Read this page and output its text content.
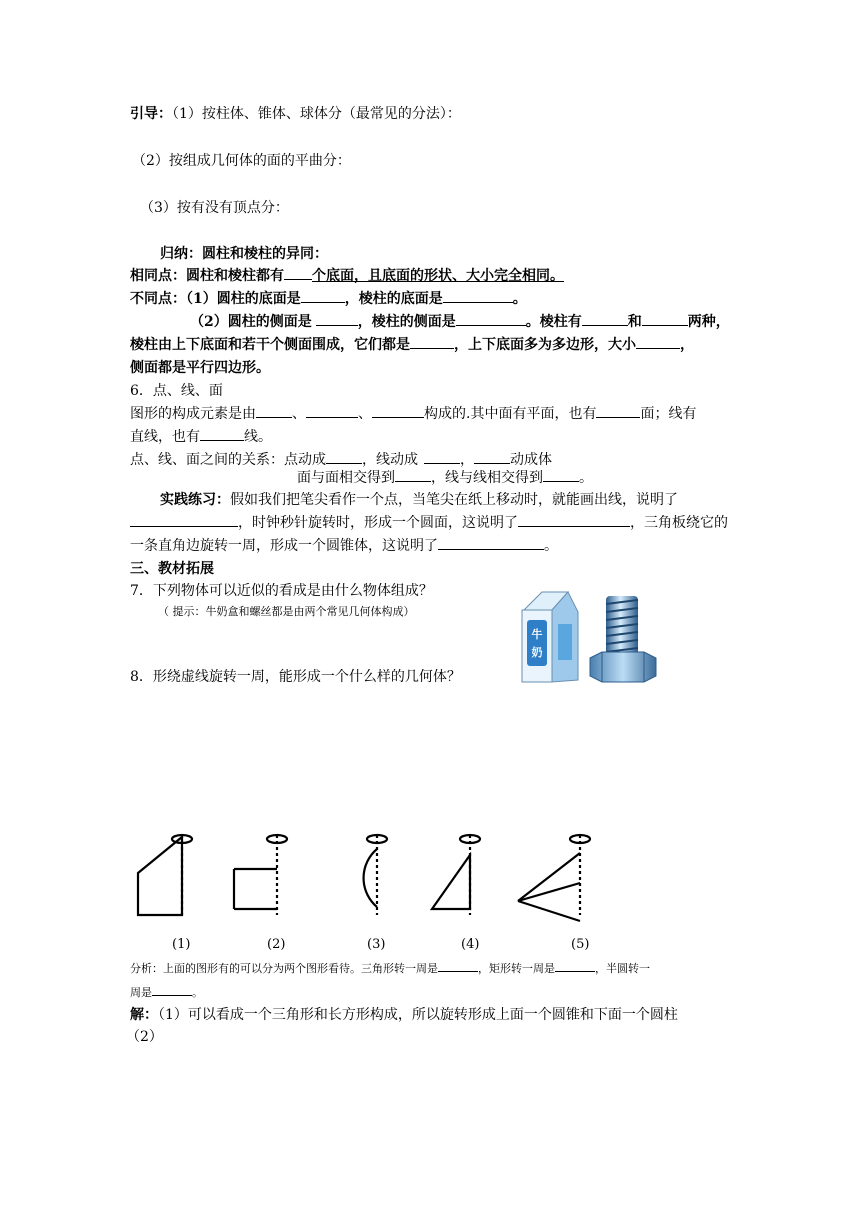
引导：（1）按柱体、锥体、球体分（最常见的分法）：
（2）按组成几何体的面的平曲分：
（3）按有没有顶点分：
归纳：圆柱和棱柱的异同：
相同点：圆柱和棱柱都有 个底面，且底面的形状、大小完全相同。
不同点：（1）圆柱的底面是	，棱柱的底面是	。
（2）圆柱的侧面是	，棱柱的侧面是	。棱柱有	和	两种，
棱柱由上下底面和若干个侧面围成，它们都是	，上下底面多为多边形，大小	，
侧面都是平行四边形。
6．点、线、面
图形的构成元素是由	、	、	构成的.其中面有平面，也有	面；线有
直线，也有	线。
点、线、面之间的关系：点动成	，线动成	，	动成体
面与面相交得到	，线与线相交得到	。
实践练习：假如我们把笔尖看作一个点，当笔尖在纸上移动时，就能画出线，说明了
，时钟秒针旋转时，形成一个圆面，这说明了	，三角板绕它的
一条直角边旋转一周，形成一个圆锥体，这说明了	。
三、教材拓展
7．下列物体可以近似的看成是由什么物体组成？
（ 提示：牛奶盒和螺丝都是由两个常见几何体构成）
牛
奶
8．形绕虚线旋转一周，能形成一个什么样的几何体？
(1)	(2)	(3)	(4)	(5)
分析：上面的图形有的可以分为两个图形看待。三角形转一周是	，矩形转一周是	，半圆转一
周是	。
解：（1）可以看成一个三角形和长方形构成，所以旋转形成上面一个圆锥和下面一个圆柱
（2）
